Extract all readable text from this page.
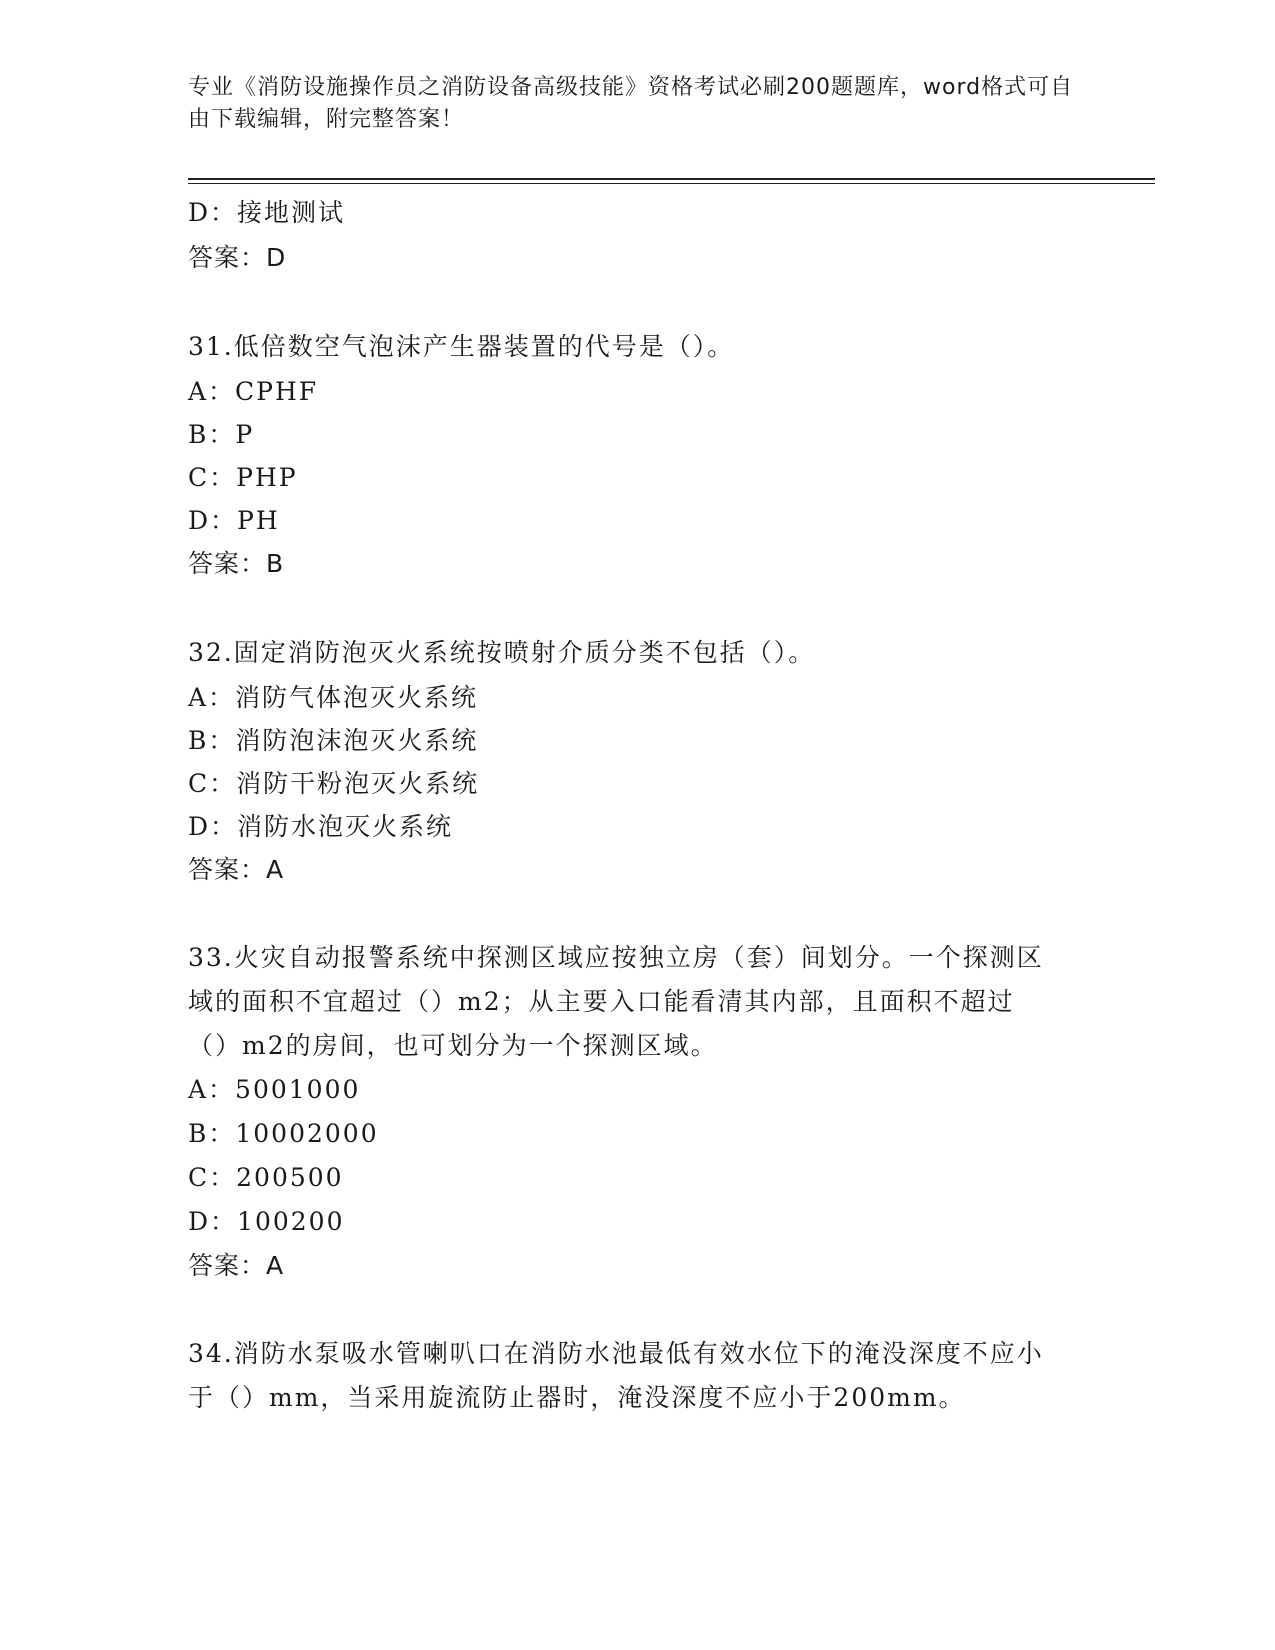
专业《消防设施操作员之消防设备高级技能》资格考试必刷200题题库，word格式可自由下载编辑，附完整答案！
D：接地测试
答案：D
31.低倍数空气泡沫产生器装置的代号是（）。
A：CPHF
B：P
C：PHP
D：PH
答案：B
32.固定消防泡灭火系统按喷射介质分类不包括（）。
A：消防气体泡灭火系统
B：消防泡沫泡灭火系统
C：消防干粉泡灭火系统
D：消防水泡灭火系统
答案：A
33.火灾自动报警系统中探测区域应按独立房（套）间划分。一个探测区域的面积不宜超过（）m2；从主要入口能看清其内部，且面积不超过（）m2的房间，也可划分为一个探测区域。
A：5001000
B：10002000
C：200500
D：100200
答案：A
34.消防水泵吸水管喇叭口在消防水池最低有效水位下的淹没深度不应小于（）mm，当采用旋流防止器时，淹没深度不应小于200mm。
